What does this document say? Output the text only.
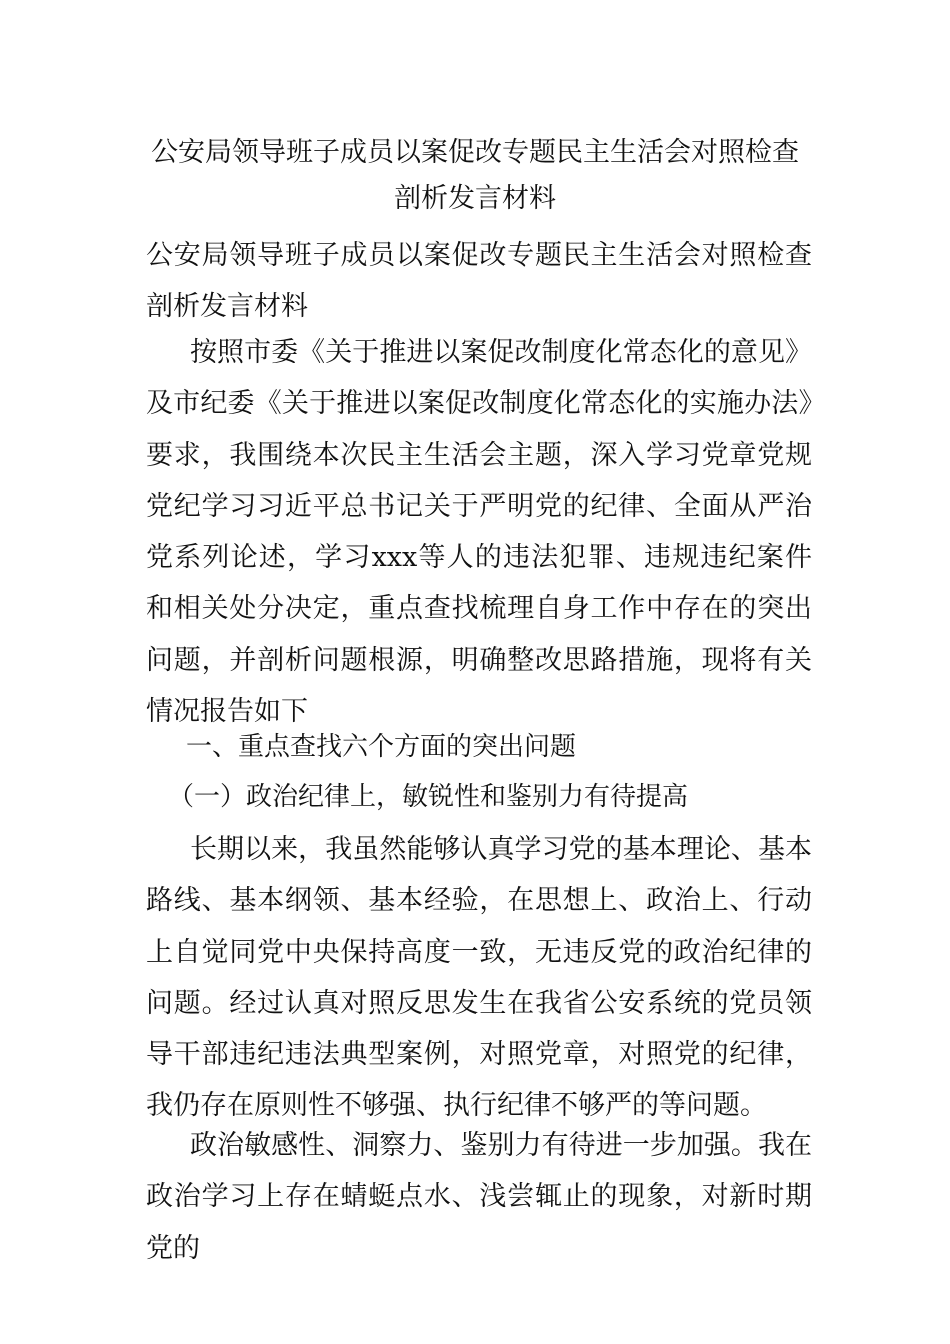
公安局领导班子成员以案促改专题民主生活会对照检查剖析发言材料

公安局领导班子成员以案促改专题民主生活会对照检查剖析发言材料

按照市委《关于推进以案促改制度化常态化的意见》及市纪委《关于推进以案促改制度化常态化的实施办法》要求，我围绕本次民主生活会主题，深入学习党章党规党纪学习习近平总书记关于严明党的纪律、全面从严治党系列论述，学习xxx等人的违法犯罪、违规违纪案件和相关处分决定，重点查找梳理自身工作中存在的突出问题，并剖析问题根源，明确整改思路措施，现将有关情况报告如下

一、重点查找六个方面的突出问题
（一）政治纪律上，敏锐性和鉴别力有待提高

长期以来，我虽然能够认真学习党的基本理论、基本路线、基本纲领、基本经验，在思想上、政治上、行动上自觉同党中央保持高度一致，无违反党的政治纪律的问题。经过认真对照反思发生在我省公安系统的党员领导干部违纪违法典型案例，对照党章，对照党的纪律，我仍存在原则性不够强、执行纪律不够严的等问题。

政治敏感性、洞察力、鉴别力有待进一步加强。我在政治学习上存在蜻蜓点水、浅尝辄止的现象，对新时期党的
